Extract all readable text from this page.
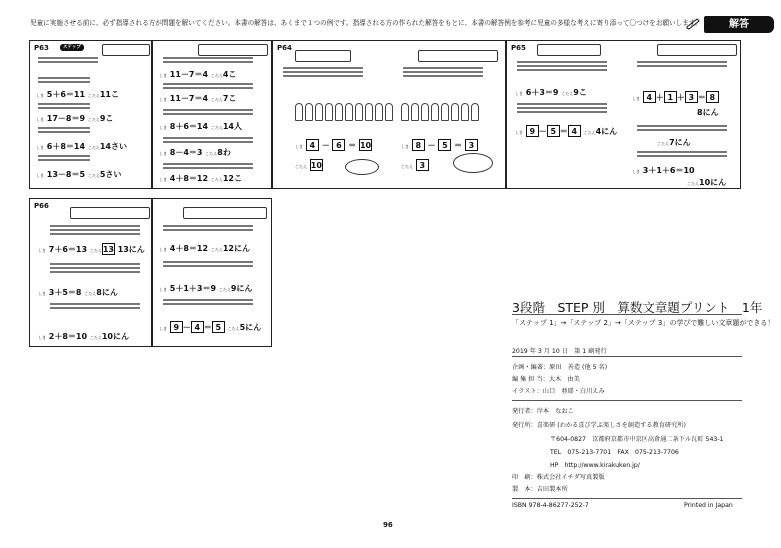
児童に実施させる前に、必ず指導される方が問題を解いてください。本書の解答は、あくまで１つの例です。指導される方の作られた解答をもとに、本書の解答例を参考に児童の多様な考えに寄り添って〇つけをお願いします。	解答
P63	ステップ
しき 5＋6＝11 こたえ11こ
しき 17－8＝9 こたえ9こ
しき 6＋8＝14 こたえ14さい
しき 13－8＝5 こたえ5さい
しき 11－7＝4 こたえ4こ
しき 11－7＝4 こたえ7こ
しき 8＋6＝14 こたえ14人
しき 8－4＝3 こたえ8わ
しき 4＋8＝12 こたえ12こ
P64
しき 4 － 6 ＝ 10
こたえ 10
しき 8 － 5 ＝ 3
こたえ 3
P65
しき 6＋3＝9 こたえ9こ
しき 9 － 5 ＝ 4 こたえ4にん
しき 4 ＋ 1 ＋ 3 ＝ 8
8にん
こたえ7にん
しき 3＋1＋6＝10
こたえ10にん
P66
しき 7＋6＝13 こたえ13 13にん
しき 3＋5＝8 こたえ8にん
しき 2＋8＝10 こたえ10にん
しき 4＋8＝12 こたえ12にん
しき 5＋1＋3＝9 こたえ9にん
しき 9 － 4 ＝ 5 こたえ5にん
3段階　STEP 別　算数文章題プリント　1年
「ステップ 1」→「ステップ 2」→「ステップ 3」の学びで難しい文章題ができる！
2019 年 3 月 10 日　第 1 刷発行
企画・編著：原田　善造 (他 5 名)
編 集 担 当：大木　由美
イラスト：山口　亜耶・白川えみ
発行者：岸本　なおこ
発行所：喜楽研 (わかる喜び学ぶ楽しさを創造する教育研究所)
〒604-0827　京都府京都市中京区高倉通二条下ル瓦町 543-1
TEL　075-213-7701　FAX　075-213-7706
HP　http://www.kirakuken.jp/
印　刷：株式会社イチダ写真製版
製　本：吉田製本所
ISBN 978-4-86277-252-7	Printed in Japan
96
